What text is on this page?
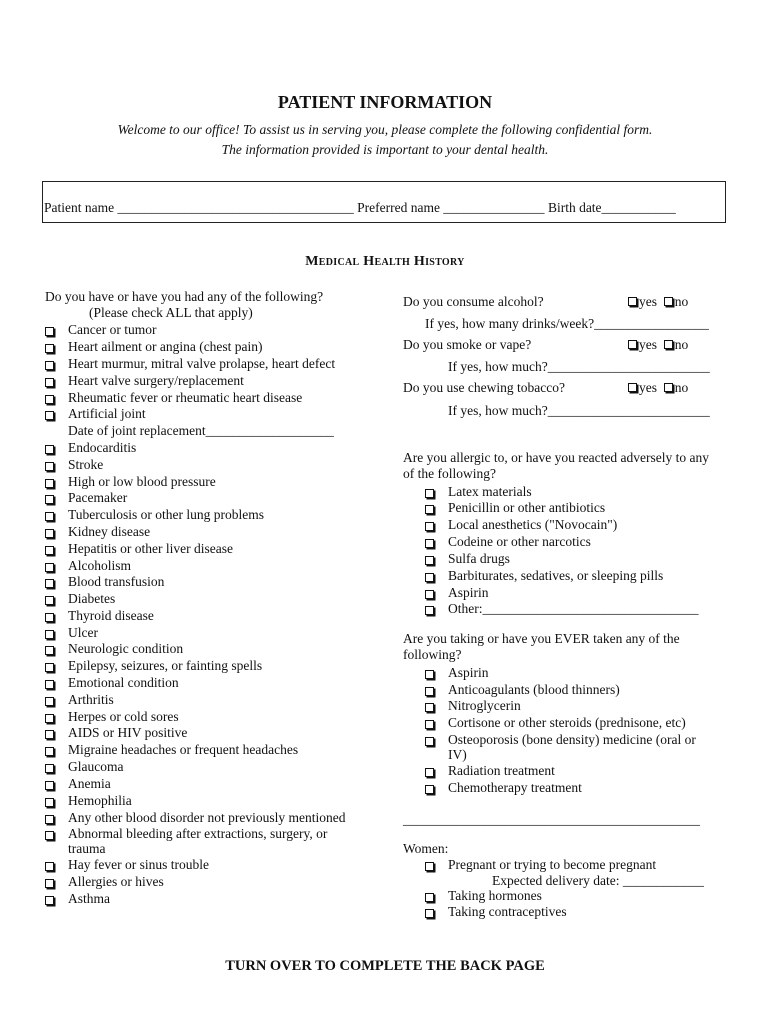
PATIENT INFORMATION
Welcome to our office! To assist us in serving you, please complete the following confidential form.
The information provided is important to your dental health.
Patient name ___________________________________ Preferred name _______________ Birth date___________
Medical Health History
Do you have or have you had any of the following?
(Please check ALL that apply)
Cancer or tumor
Heart ailment or angina (chest pain)
Heart murmur, mitral valve prolapse, heart defect
Heart valve surgery/replacement
Rheumatic fever or rheumatic heart disease
Artificial joint
Endocarditis
Stroke
High or low blood pressure
Pacemaker
Tuberculosis or other lung problems
Kidney disease
Hepatitis or other liver disease
Alcoholism
Blood transfusion
Diabetes
Thyroid disease
Ulcer
Neurologic condition
Epilepsy, seizures, or fainting spells
Emotional condition
Arthritis
Herpes or cold sores
AIDS or HIV positive
Migraine headaches or frequent headaches
Glaucoma
Anemia
Hemophilia
Any other blood disorder not previously mentioned
Abnormal bleeding after extractions, surgery, or
Hay fever or sinus trouble
Allergies or hives
Asthma
Date of joint replacement___________________
trauma
Do you consume alcohol?	yes no
If yes, how many drinks/week?_________________
Do you smoke or vape?	yes no
If yes, how much?________________________
Do you use chewing tobacco?	yes no
If yes, how much?________________________
Are you allergic to, or have you reacted adversely to any
of the following?
Latex materials
Penicillin or other antibiotics
Local anesthetics ("Novocain")
Codeine or other narcotics
Sulfa drugs
Barbiturates, sedatives, or sleeping pills
Aspirin
Other:________________________________
Are you taking or have you EVER taken any of the
following?
Aspirin
Anticoagulants (blood thinners)
Nitroglycerin
Cortisone or other steroids (prednisone, etc)
Osteoporosis (bone density) medicine (oral or
Radiation treatment
Chemotherapy treatment
IV)
____________________________________________
Women:
Pregnant or trying to become pregnant
Expected delivery date: ____________
Taking hormones
Taking contraceptives
TURN OVER TO COMPLETE THE BACK PAGE
